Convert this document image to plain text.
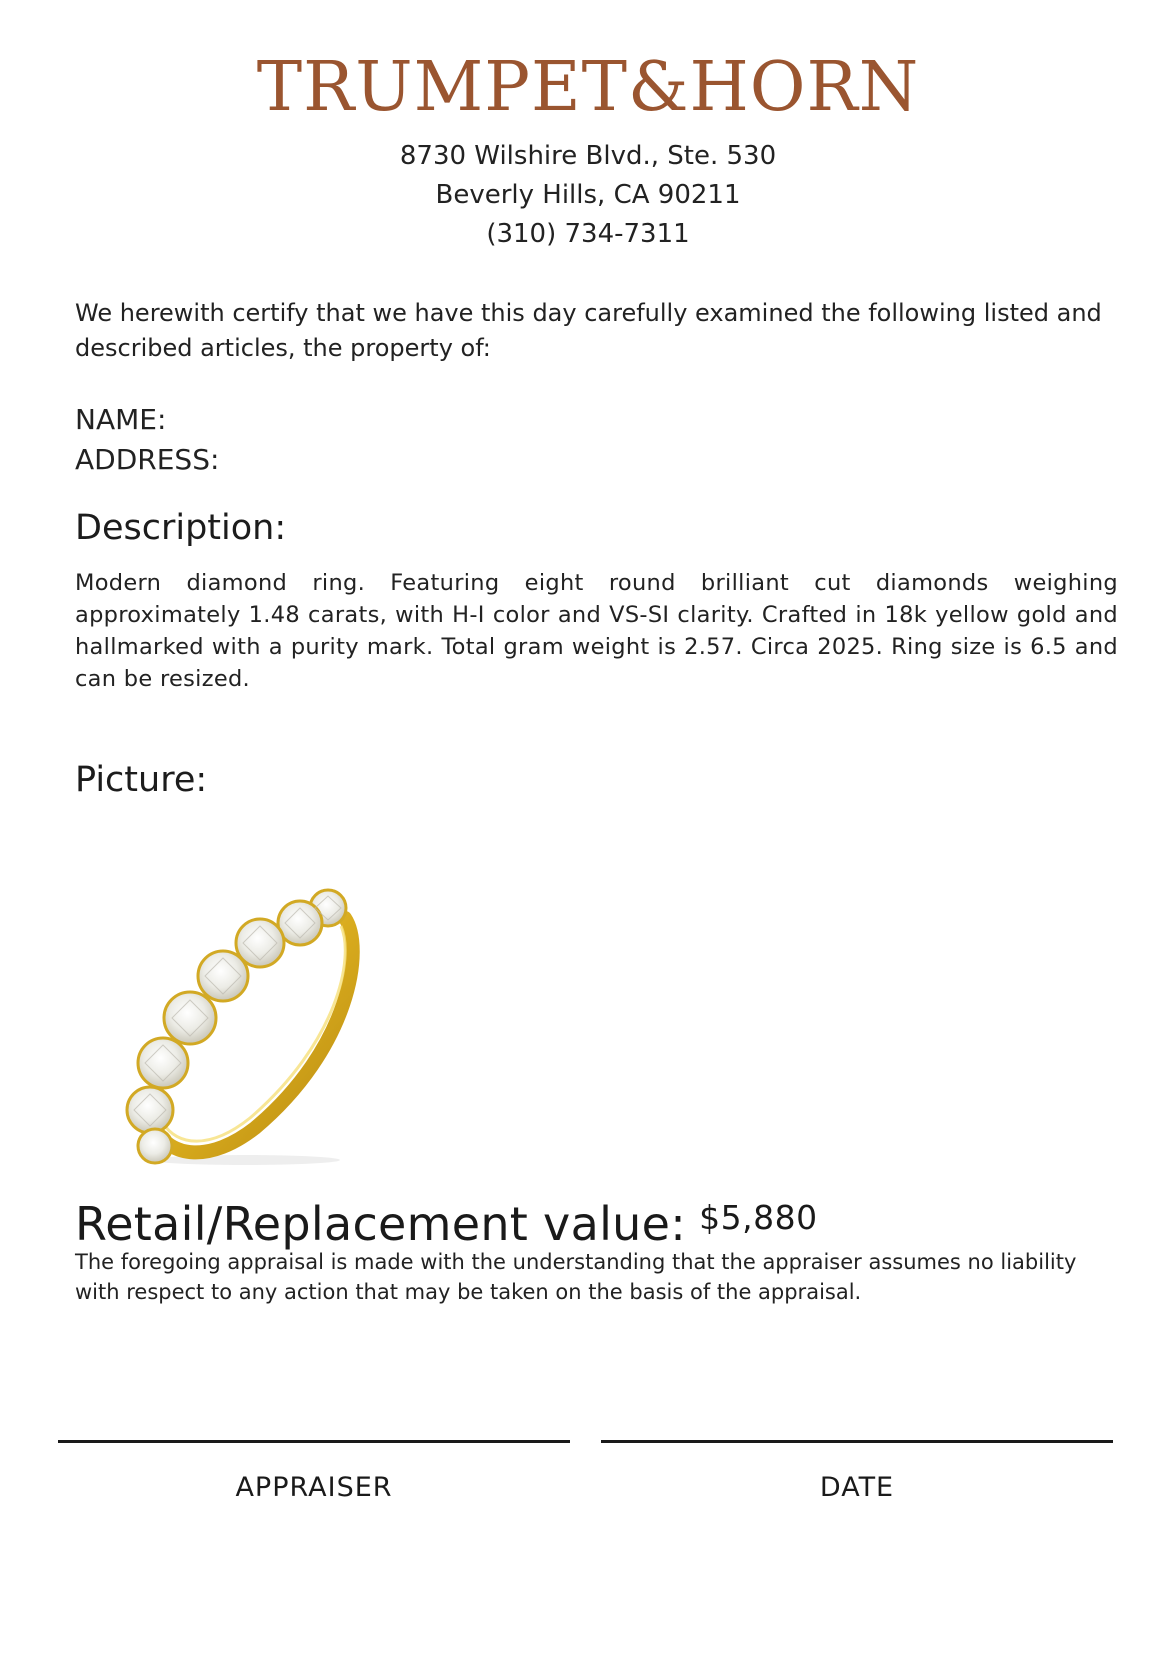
TRUMPET&HORN
8730 Wilshire Blvd., Ste. 530
Beverly Hills, CA 90211
(310) 734-7311
We herewith certify that we have this day carefully examined the following listed and described articles, the property of:
NAME:
ADDRESS:
Description:
Modern diamond ring. Featuring eight round brilliant cut diamonds weighing approximately 1.48 carats, with H-I color and VS-SI clarity. Crafted in 18k yellow gold and hallmarked with a purity mark. Total gram weight is 2.57. Circa 2025. Ring size is 6.5 and can be resized.
Picture:
Retail/Replacement value: $5,880
The foregoing appraisal is made with the understanding that the appraiser assumes no liability with respect to any action that may be taken on the basis of the appraisal.
APPRAISER	DATE
